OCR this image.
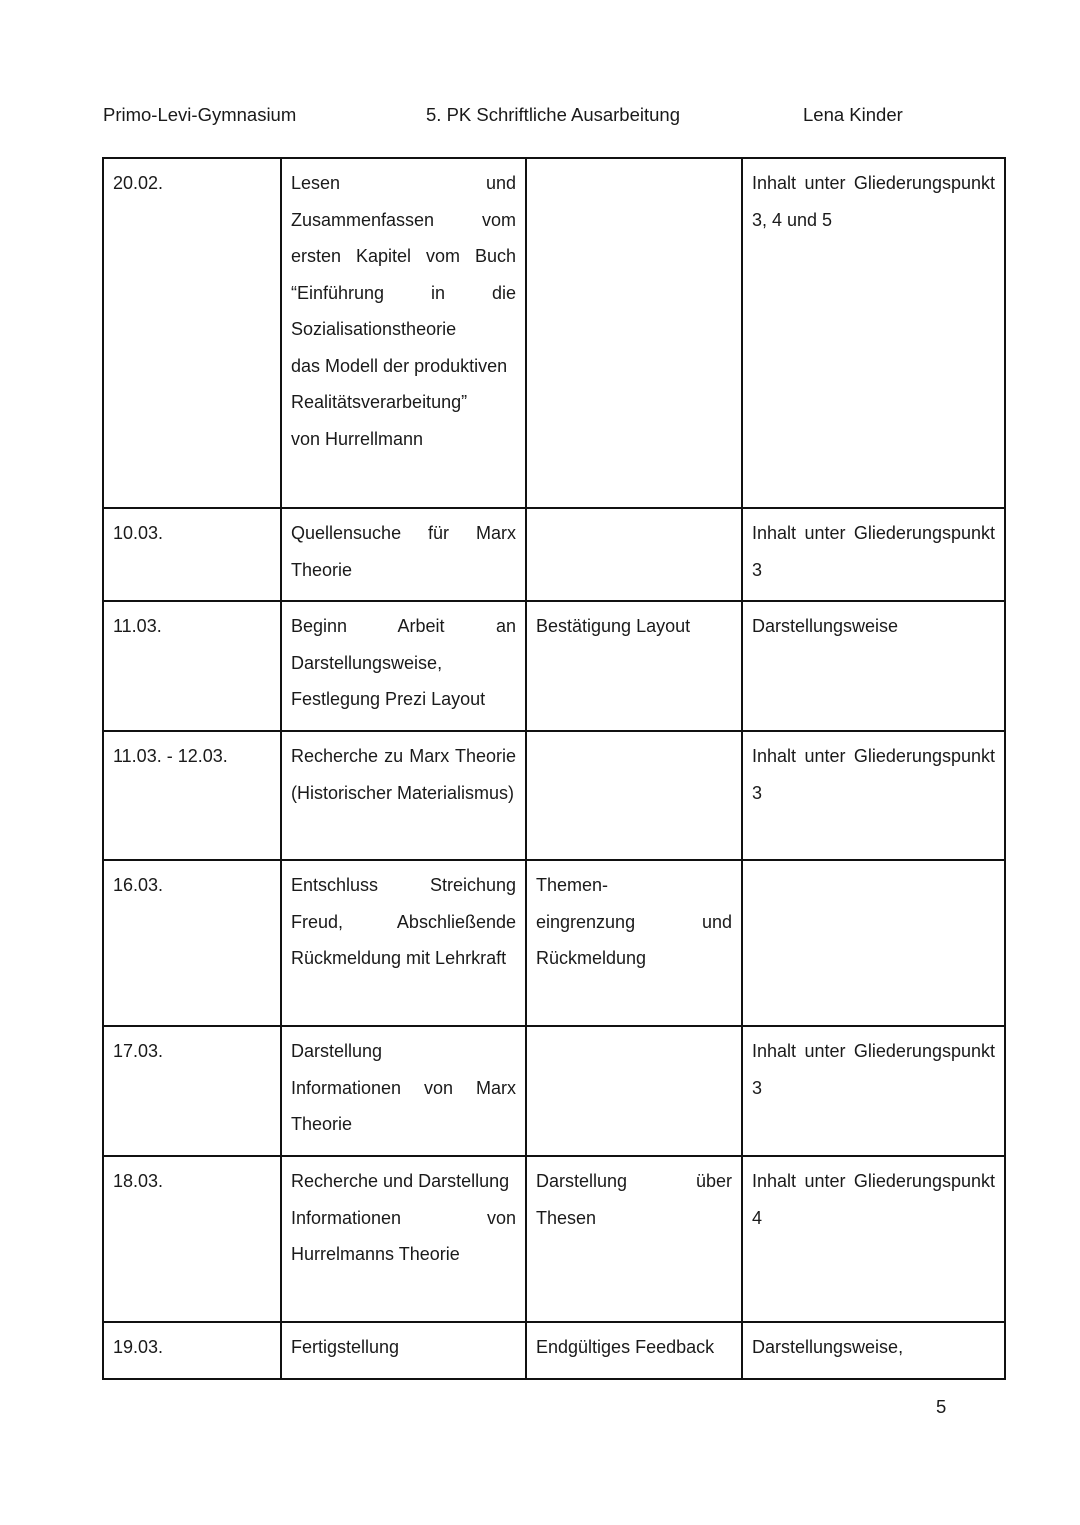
Primo-Levi-Gymnasium	5. PK Schriftliche Ausarbeitung	Lena Kinder
20.02.	Lesen und Zusammenfassen vom ersten Kapitel vom Buch “Einführung in die Sozialisationstheorie
das Modell der produktiven
Realitätsverarbeitung”
von Hurrellmann		Inhalt unter Gliederungspunkt 3, 4 und 5
10.03.	Quellensuche für Marx Theorie		Inhalt unter Gliederungspunkt 3
11.03.	Beginn Arbeit an Darstellungsweise,
Festlegung Prezi Layout	Bestätigung Layout	Darstellungsweise
11.03. - 12.03.	Recherche zu Marx Theorie (Historischer Materialismus)		Inhalt unter Gliederungspunkt 3
16.03.	Entschluss Streichung Freud, Abschließende Rückmeldung mit Lehrkraft	Themen-
eingrenzung und Rückmeldung	
17.03.	Darstellung
Informationen von Marx Theorie		Inhalt unter Gliederungspunkt 3
18.03.	Recherche und Darstellung
Informationen von Hurrelmanns Theorie	Darstellung über Thesen	Inhalt unter Gliederungspunkt 4
19.03.	Fertigstellung	Endgültiges Feedback	Darstellungsweise,
5
